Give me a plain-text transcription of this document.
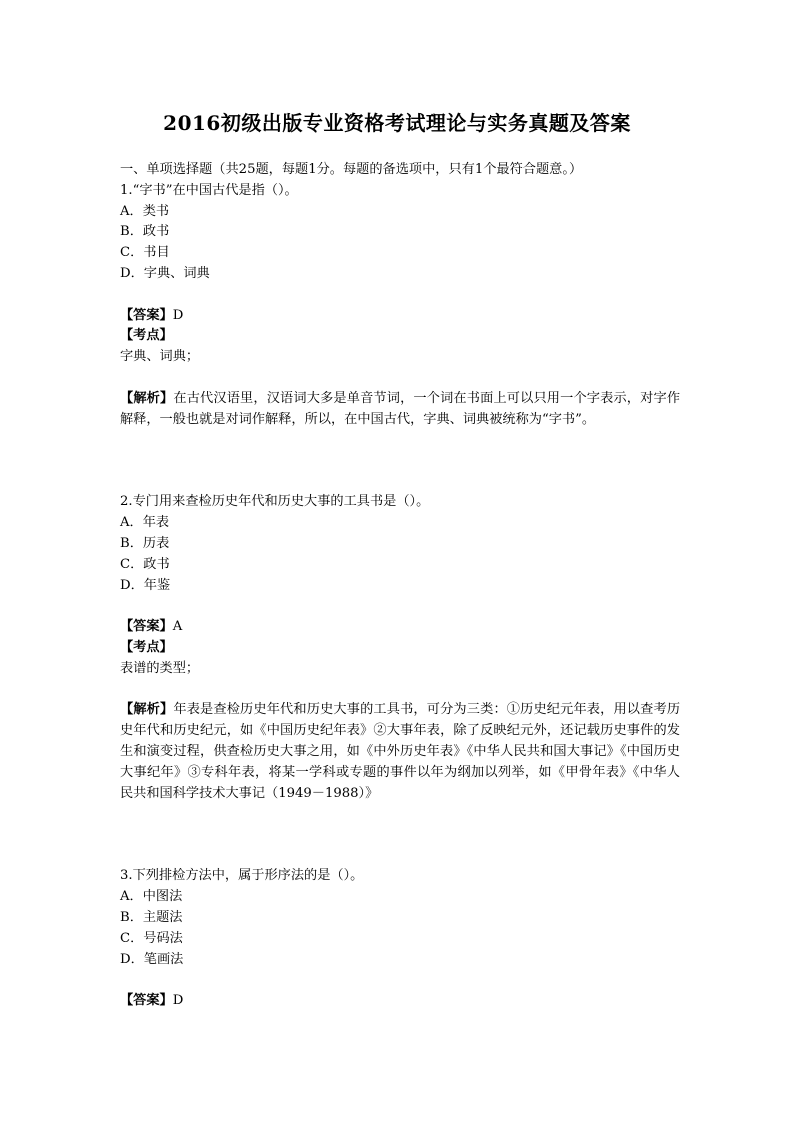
2016初级出版专业资格考试理论与实务真题及答案
一、单项选择题（共25题，每题1分。每题的备选项中，只有1个最符合题意。）
1.“字书”在中国古代是指（）。
A．类书
B．政书
C．书目
D．字典、词典
【答案】D
【考点】
字典、词典；
【解析】在古代汉语里，汉语词大多是单音节词，一个词在书面上可以只用一个字表示，对字作解释，一般也就是对词作解释，所以，在中国古代，字典、词典被统称为“字书”。
2.专门用来查检历史年代和历史大事的工具书是（）。
A．年表
B．历表
C．政书
D．年鉴
【答案】A
【考点】
表谱的类型；
【解析】年表是查检历史年代和历史大事的工具书，可分为三类：①历史纪元年表，用以查考历史年代和历史纪元，如《中国历史纪年表》②大事年表，除了反映纪元外，还记载历史事件的发生和演变过程，供查检历史大事之用，如《中外历史年表》《中华人民共和国大事记》《中国历史大事纪年》③专科年表，将某一学科或专题的事件以年为纲加以列举，如《甲骨年表》《中华人民共和国科学技术大事记（1949－1988）》
3.下列排检方法中，属于形序法的是（）。
A．中图法
B．主题法
C．号码法
D．笔画法
【答案】D
